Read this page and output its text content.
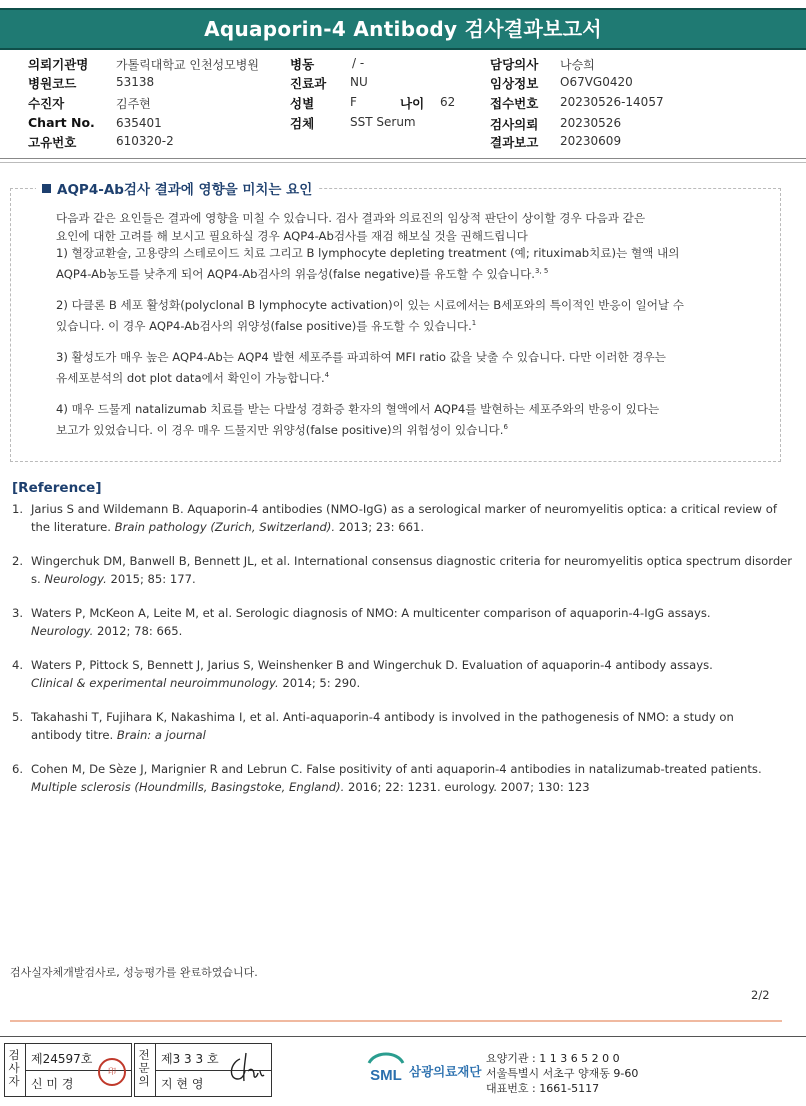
Aquaporin-4 Antibody 검사결과보고서
의뢰기관명 가톨릭대학교 인천성모병원
병원코드	53138
수진자	김주현
Chart No. 635401
고유번호	610320-2
병동	/ -
진료과 NU
성별	F	나이 62
검체	SST Serum
담당의사 나승희
임상정보 O67VG0420
접수번호 20230526-14057
검사의뢰 20230526
결과보고 20230609
AQP4-Ab검사 결과에 영향을 미치는 요인
다음과 같은 요인들은 결과에 영향을 미칠 수 있습니다. 검사 결과와 의료진의 임상적 판단이 상이할 경우 다음과 같은
요인에 대한 고려를 해 보시고 필요하실 경우 AQP4-Ab검사를 재검 해보실 것을 권해드립니다
1) 혈장교환술, 고용량의 스테로이드 치료 그리고 B lymphocyte depleting treatment (예; rituximab치료)는 혈액 내의
AQP4-Ab농도를 낮추게 되어 AQP4-Ab검사의 위음성(false negative)를 유도할 수 있습니다.$^{3, 5}$
2) 다클론 B 세포 활성화(polyclonal B lymphocyte activation)이 있는 시료에서는 B세포와의 특이적인 반응이 일어날 수
있습니다. 이 경우 AQP4-Ab검사의 위양성(false positive)를 유도할 수 있습니다.$^1$
3) 활성도가 매우 높은 AQP4-Ab는 AQP4 발현 세포주를 파괴하여 MFI ratio 값을 낮출 수 있습니다. 다만 이러한 경우는
유세포분석의 dot plot data에서 확인이 가능합니다.$^4$
4) 매우 드물게 natalizumab 치료를 받는 다발성 경화증 환자의 혈액에서 AQP4를 발현하는 세포주와의 반응이 있다는
보고가 있었습니다. 이 경우 매우 드물지만 위양성(false positive)의 위험성이 있습니다.$^6$
[Reference]
1. Jarius S and Wildemann B. Aquaporin-4 antibodies (NMO-IgG) as a serological marker of neuromyelitis optica: a critical review of
the literature. Brain pathology (Zurich, Switzerland). 2013; 23: 661.
2. Wingerchuk DM, Banwell B, Bennett JL, et al. International consensus diagnostic criteria for neuromyelitis optica spectrum disorder
s. Neurology. 2015; 85: 177.
3. Waters P, McKeon A, Leite M, et al. Serologic diagnosis of NMO: A multicenter comparison of aquaporin-4-IgG assays.
Neurology. 2012; 78: 665.
4. Waters P, Pittock S, Bennett J, Jarius S, Weinshenker B and Wingerchuk D. Evaluation of aquaporin-4 antibody assays.
Clinical & experimental neuroimmunology. 2014; 5: 290.
5. Takahashi T, Fujihara K, Nakashima I, et al. Anti-aquaporin-4 antibody is involved in the pathogenesis of NMO: a study on
antibody titre. Brain: a journal
6. Cohen M, De Sèze J, Marignier R and Lebrun C. False positivity of anti aquaporin-4 antibodies in natalizumab-treated patients.
Multiple sclerosis (Houndmills, Basingstoke, England). 2016; 22: 1231. eurology. 2007; 130: 123
검사실자체개발검사로, 성능평가를 완료하였습니다.
2/2
검사자
제24597호
신 미 경
印
전문의
제3 3 3 호
지 현 영	SML 삼광의료재단
요양기관 : 1 1 3 6 5 2 0 0
서울특별시 서초구 양재동 9-60
대표번호 : 1661-5117
